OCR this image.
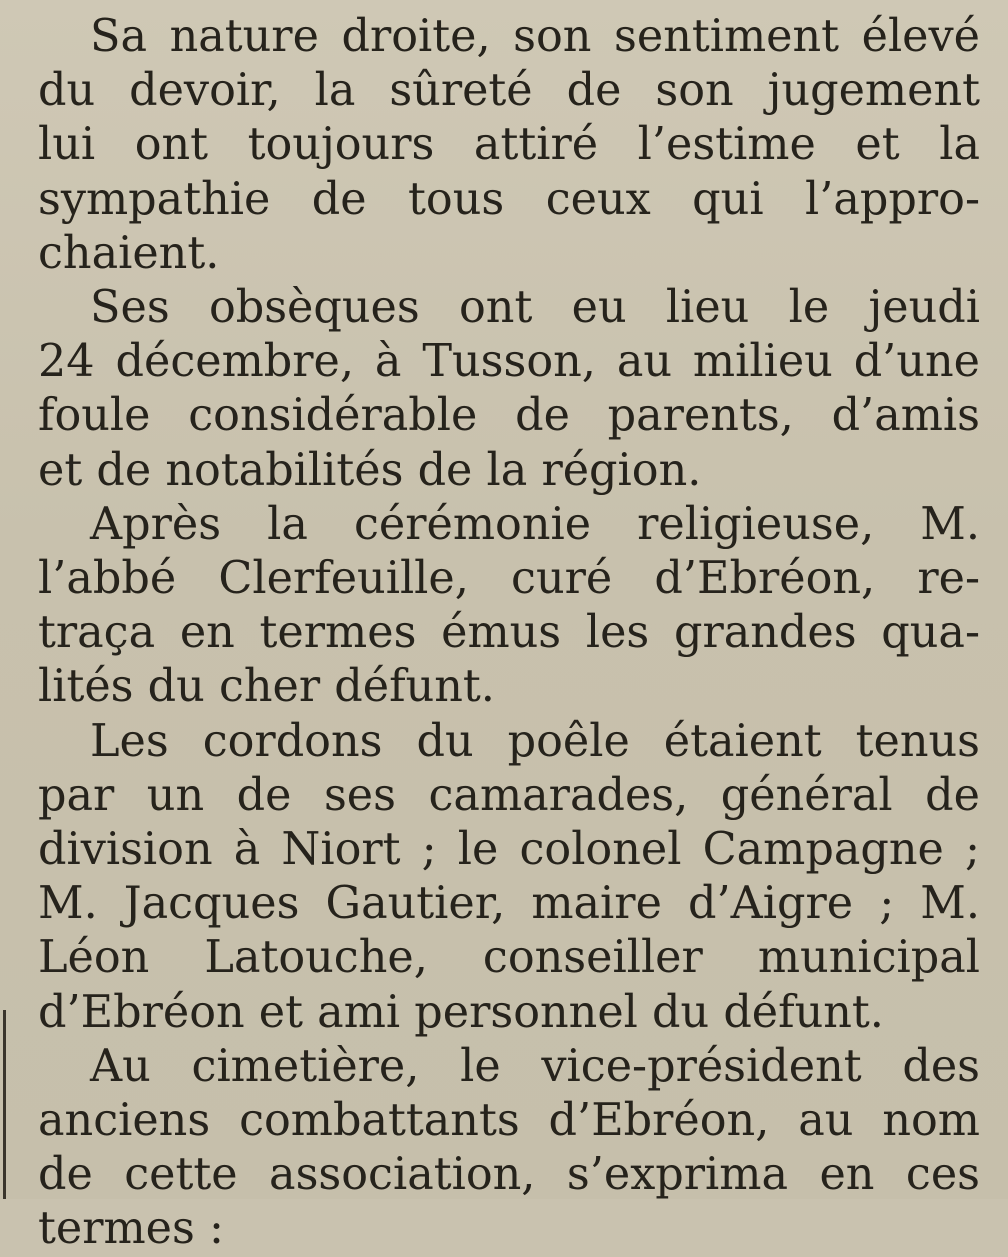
Sa nature droite, son sentiment élevé
du devoir, la sûreté de son jugement
lui ont toujours attiré l’estime et la
sympathie de tous ceux qui l’appro-
chaient.

Ses obsèques ont eu lieu le jeudi
24 décembre, à Tusson, au milieu d’une
foule considérable de parents, d’amis
et de notabilités de la région.

Après la cérémonie religieuse, M.
l’abbé Clerfeuille, curé d’Ebréon, re-
traça en termes émus les grandes qua-
lités du cher défunt.

Les cordons du poêle étaient tenus
par un de ses camarades, général de
division à Niort ; le colonel Campagne ;
M. Jacques Gautier, maire d’Aigre ; M.
Léon Latouche, conseiller municipal
d’Ebréon et ami personnel du défunt.

Au cimetière, le vice-président des
anciens combattants d’Ebréon, au nom
de cette association, s’exprima en ces
termes :
